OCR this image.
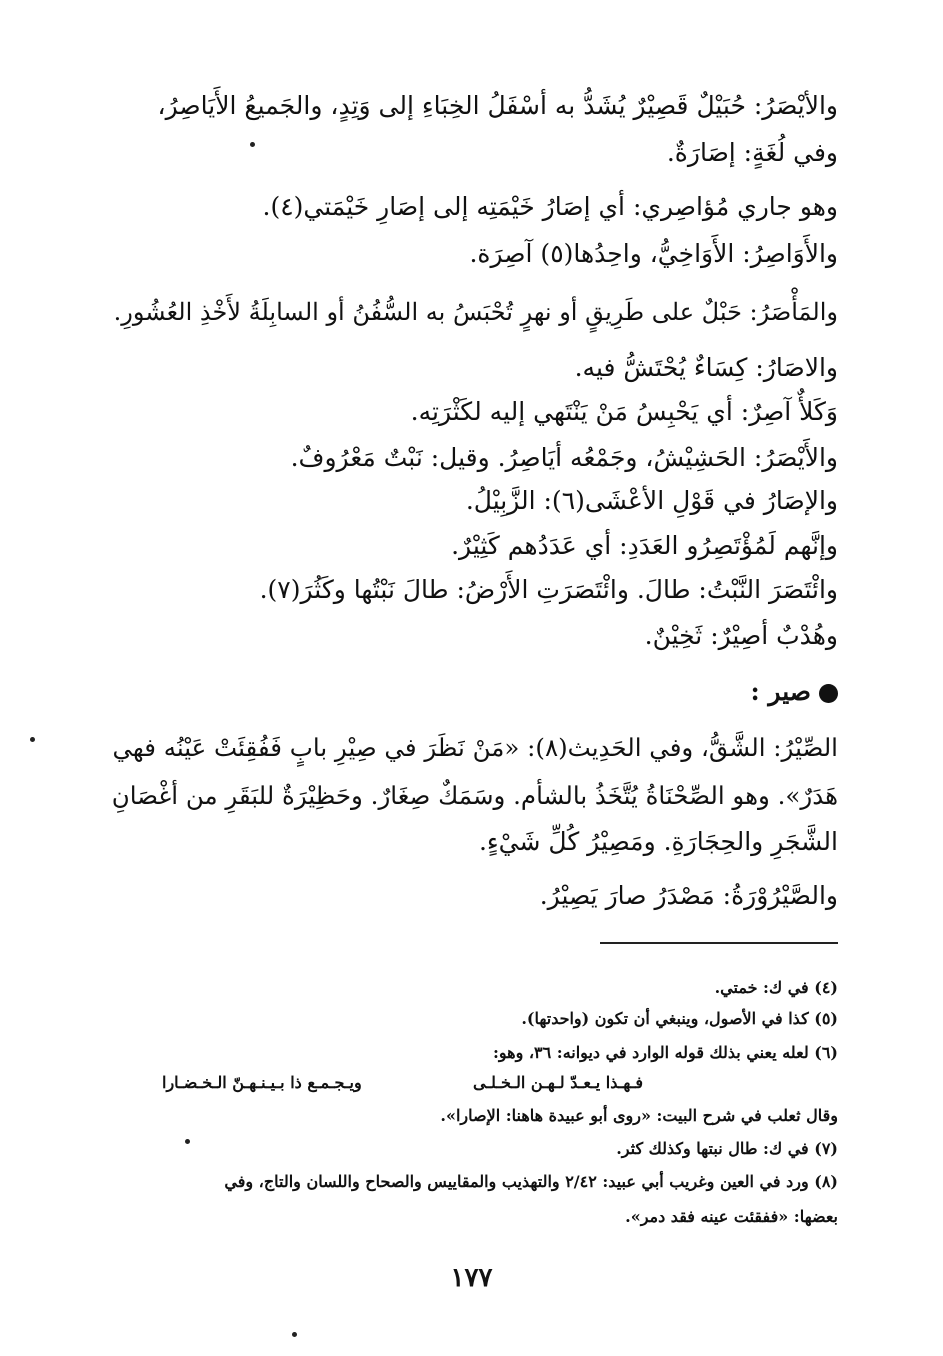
والأيْصَرُ: حُبَيْلٌ قَصِيْرٌ يُشَدُّ به أسْفَلُ الخِبَاءِ إلى وَتِدٍ، والجَميعُ الأَيَاصِرُ،
وفي لُغَةٍ: إصَارَةٌ.
وهو جاري مُؤاصِري: أي إصَارُ خَيْمَتِه إلى إصَارِ خَيْمَتي(٤).
والأَوَاصِرُ: الأَوَاخِيُّ، واحِدُها(٥) آصِرَة.
والمَأْصَرُ: حَبْلٌ على طَرِيقٍ أو نهرٍ تُحْبَسُ به السُّفُنُ أو السابِلَةُ لأَخْذِ العُشُورِ.
والاصَارُ: كِسَاءٌ يُحْتَشُّ فيه.
وَكَلأٌ آصِرٌ: أي يَحْبِسُ مَنْ يَنْتَهي إليه لكَثْرَتِه.
والأَيْصَرُ: الحَشِيْشُ، وجَمْعُه أيَاصِرُ. وقيل: نَبْتٌ مَعْرُوفٌ.
والإصَارُ في قَوْلِ الأعْشَى(٦): الزَّبِيْلُ.
وإنَّهم لَمُؤْتَصِرُو العَدَدِ: أي عَدَدُهم كَثِيْرٌ.
وائْتَصَرَ النَّبْتُ: طالَ. وائْتَصَرَتِ الأَرْضُ: طالَ نَبْتُها وكَثُرَ(٧).
وهُدْبٌ أصِيْرٌ: ثَخِيْنٌ.
صير :
الصِّيْرُ: الشَّقُّ، وفي الحَدِيث(٨): «مَنْ نَظَرَ في صِيْرِ بابٍ فَفُقِئَتْ عَيْنُه فهي
هَدَرٌ». وهو الصِّحْنَاةُ يُتَّخَذُ بالشأم. وسَمَكٌ صِغَارٌ. وحَظِيْرَةٌ للبَقَرِ من أغْصَانِ
الشَّجَرِ والحِجَارَةِ. ومَصِيْرُ كُلِّ شَيْءٍ.
والصَّيْرُوْرَةُ: مَصْدَرُ صارَ يَصِيْرُ.
(٤) في ك: خمتي.
(٥) كذا في الأصول، وينبغي أن تكون (واحدتها).
(٦) لعله يعني بذلك قوله الوارد في ديوانه: ٣٦، وهو:
فـهـذا يـعـدّ لـهـن الـخـلـى
ويـجـمـع ذا بـيـنـهـنّ الـخـضـارا
وقال ثعلب في شرح البيت: «روى أبو عبيدة هاهنا: الإصارا».
(٧) في ك: طال نبتها وكذلك كثر.
(٨) ورد في العين وغريب أبي عبيد: ٢/٤٢ والتهذيب والمقاييس والصحاح واللسان والتاج، وفي
بعضها: «ففقئت عينه فقد دمر».
١٧٧
